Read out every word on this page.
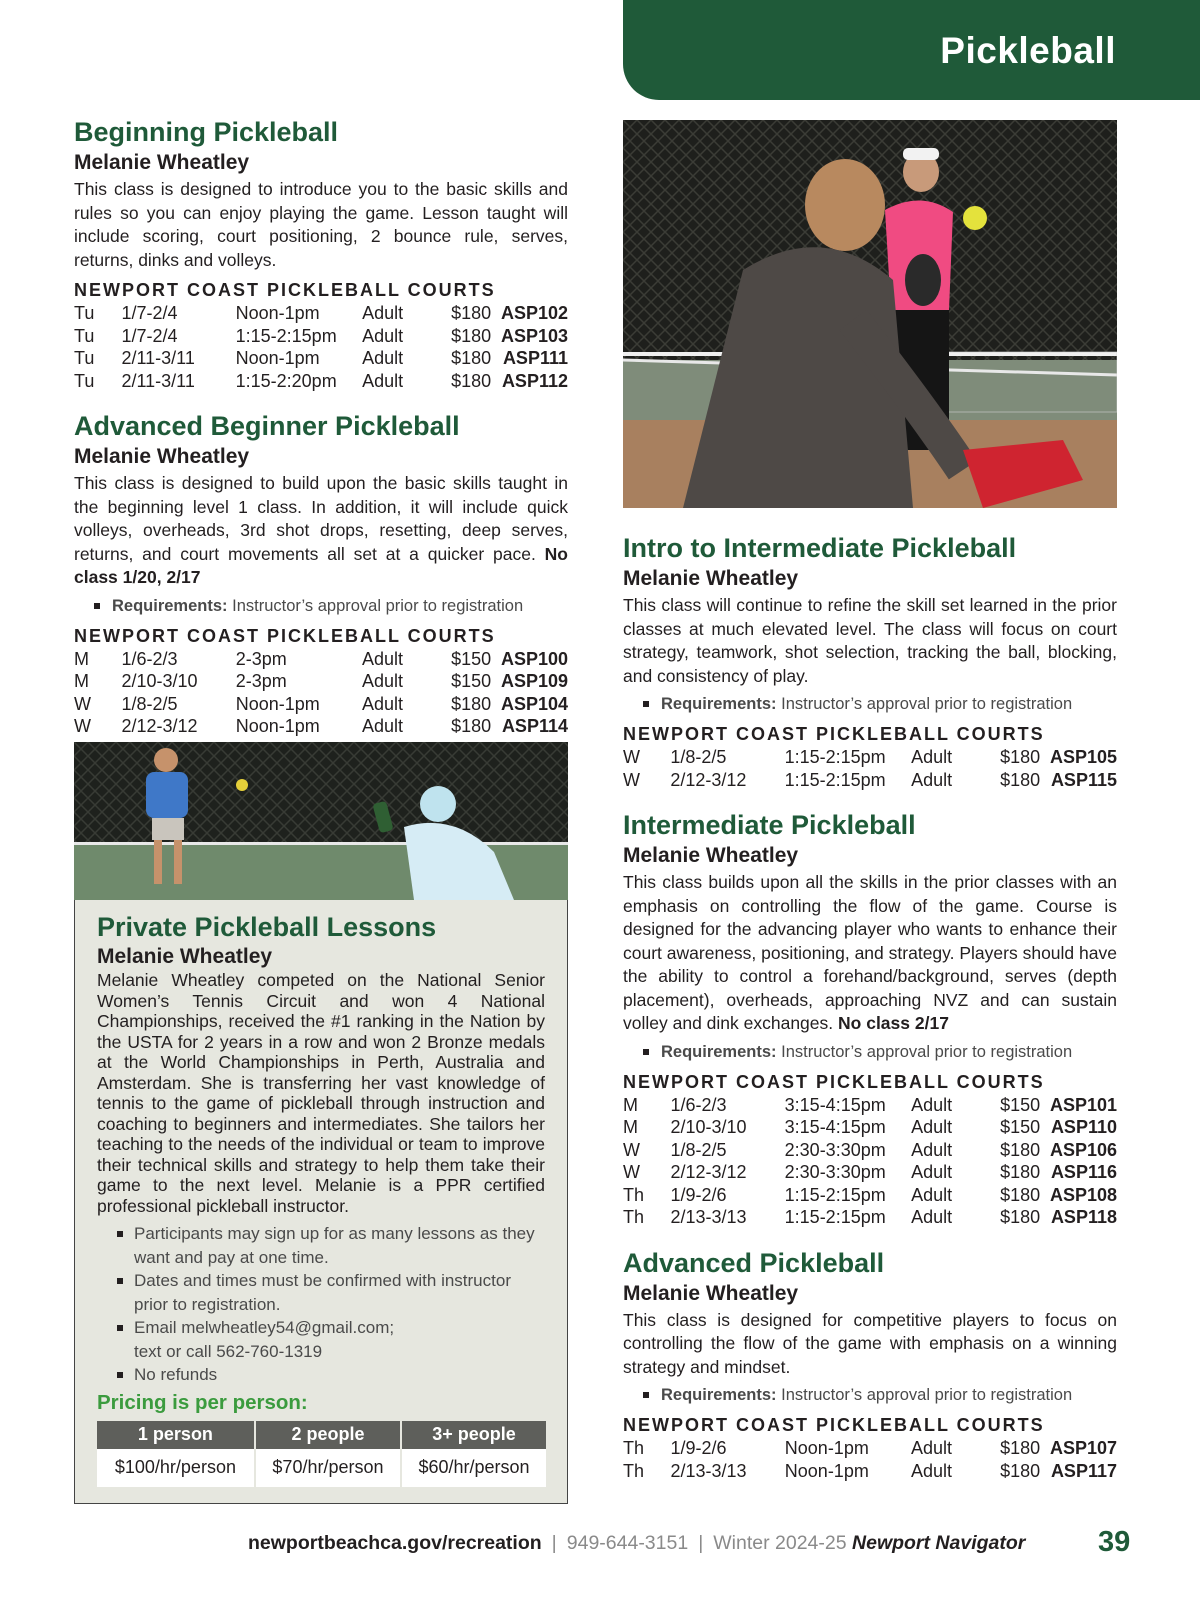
Pickleball
Beginning Pickleball
Melanie Wheatley
This class is designed to introduce you to the basic skills and rules so you can enjoy playing the game. Lesson taught will include scoring, court positioning, 2 bounce rule, serves, returns, dinks and volleys.
NEWPORT COAST PICKLEBALL COURTS
Tu	1/7-2/4	Noon-1pm	Adult	$180	ASP102
Tu	1/7-2/4	1:15-2:15pm	Adult	$180	ASP103
Tu	2/11-3/11	Noon-1pm	Adult	$180	ASP111
Tu	2/11-3/11	1:15-2:20pm	Adult	$180	ASP112
Advanced Beginner Pickleball
Melanie Wheatley
This class is designed to build upon the basic skills taught in the beginning level 1 class. In addition, it will include quick volleys, overheads, 3rd shot drops, resetting, deep serves, returns, and court movements all set at a quicker pace. No class 1/20, 2/17
Requirements: Instructor’s approval prior to registration
NEWPORT COAST PICKLEBALL COURTS
M	1/6-2/3	2-3pm	Adult	$150	ASP100
M	2/10-3/10	2-3pm	Adult	$150	ASP109
W	1/8-2/5	Noon-1pm	Adult	$180	ASP104
W	2/12-3/12	Noon-1pm	Adult	$180	ASP114
Private Pickleball Lessons
Melanie Wheatley
Melanie Wheatley competed on the National Senior Women’s Tennis Circuit and won 4 National Championships, received the #1 ranking in the Nation by the USTA for 2 years in a row and won 2 Bronze medals at the World Championships in Perth, Australia and Amsterdam. She is transferring her vast knowledge of tennis to the game of pickleball through instruction and coaching to beginners and intermediates. She tailors her teaching to the needs of the individual or team to improve their technical skills and strategy to help them take their game to the next level. Melanie is a PPR certified professional pickleball instructor.
Participants may sign up for as many lessons as they
want and pay at one time.
Dates and times must be confirmed with instructor
prior to registration.
Email melwheatley54@gmail.com;
text or call 562-760-1319
No refunds
Pricing is per person:
1 person	2 people	3+ people
$100/hr/person	$70/hr/person	$60/hr/person
Intro to Intermediate Pickleball
Melanie Wheatley
This class will continue to refine the skill set learned in the prior classes at much elevated level. The class will focus on court strategy, teamwork, shot selection, tracking the ball, blocking, and consistency of play.
Requirements: Instructor’s approval prior to registration
NEWPORT COAST PICKLEBALL COURTS
W	1/8-2/5	1:15-2:15pm	Adult	$180	ASP105
W	2/12-3/12	1:15-2:15pm	Adult	$180	ASP115
Intermediate Pickleball
Melanie Wheatley
This class builds upon all the skills in the prior classes with an emphasis on controlling the flow of the game. Course is designed for the advancing player who wants to enhance their court awareness, positioning, and strategy. Players should have the ability to control a forehand/background, serves (depth placement), overheads, approaching NVZ and can sustain volley and dink exchanges. No class 2/17
Requirements: Instructor’s approval prior to registration
NEWPORT COAST PICKLEBALL COURTS
M	1/6-2/3	3:15-4:15pm	Adult	$150	ASP101
M	2/10-3/10	3:15-4:15pm	Adult	$150	ASP110
W	1/8-2/5	2:30-3:30pm	Adult	$180	ASP106
W	2/12-3/12	2:30-3:30pm	Adult	$180	ASP116
Th	1/9-2/6	1:15-2:15pm	Adult	$180	ASP108
Th	2/13-3/13	1:15-2:15pm	Adult	$180	ASP118
Advanced Pickleball
Melanie Wheatley
This class is designed for competitive players to focus on controlling the flow of the game with emphasis on a winning strategy and mindset.
Requirements: Instructor’s approval prior to registration
NEWPORT COAST PICKLEBALL COURTS
Th	1/9-2/6	Noon-1pm	Adult	$180	ASP107
Th	2/13-3/13	Noon-1pm	Adult	$180	ASP117
newportbeachca.gov/recreation | 949-644-3151 | Winter 2024-25 Newport Navigator	39
